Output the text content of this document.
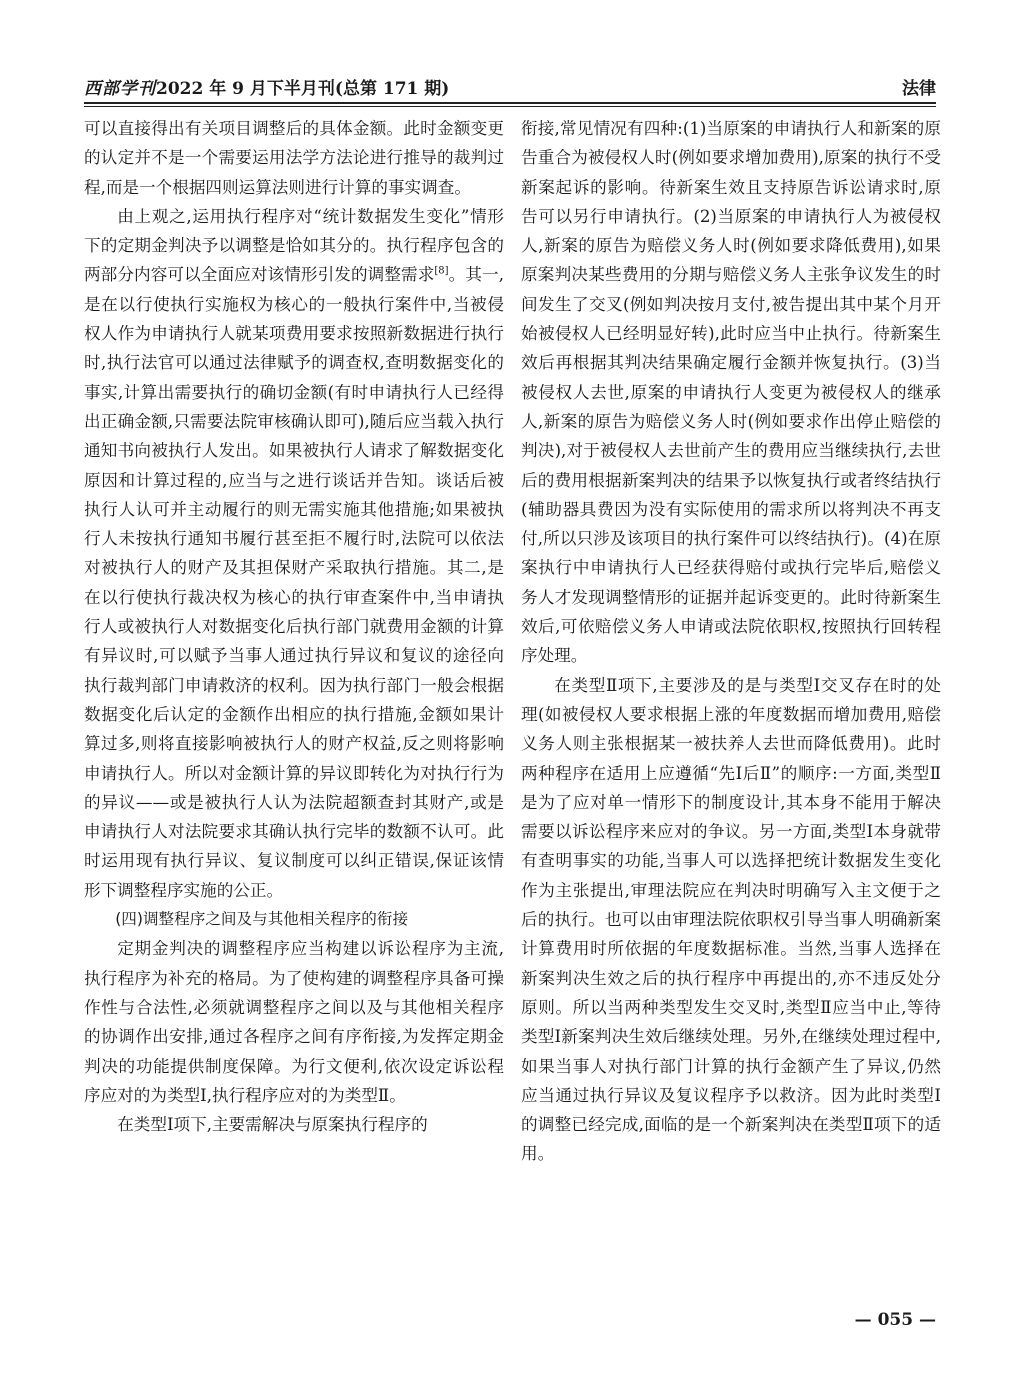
西部学刊2022 年 9 月下半月刊(总第 171 期)	法律

可以直接得出有关项目调整后的具体金额。此时金额变更的认定并不是一个需要运用法学方法论进行推导的裁判过程,而是一个根据四则运算法则进行计算的事实调查。

由上观之,运用执行程序对“统计数据发生变化”情形下的定期金判决予以调整是恰如其分的。执行程序包含的两部分内容可以全面应对该情形引发的调整需求[8]。其一,是在以行使执行实施权为核心的一般执行案件中,当被侵权人作为申请执行人就某项费用要求按照新数据进行执行时,执行法官可以通过法律赋予的调查权,查明数据变化的事实,计算出需要执行的确切金额(有时申请执行人已经得出正确金额,只需要法院审核确认即可),随后应当载入执行通知书向被执行人发出。如果被执行人请求了解数据变化原因和计算过程的,应当与之进行谈话并告知。谈话后被执行人认可并主动履行的则无需实施其他措施;如果被执行人未按执行通知书履行甚至拒不履行时,法院可以依法对被执行人的财产及其担保财产采取执行措施。其二,是在以行使执行裁决权为核心的执行审查案件中,当申请执行人或被执行人对数据变化后执行部门就费用金额的计算有异议时,可以赋予当事人通过执行异议和复议的途径向执行裁判部门申请救济的权利。因为执行部门一般会根据数据变化后认定的金额作出相应的执行措施,金额如果计算过多,则将直接影响被执行人的财产权益,反之则将影响申请执行人。所以对金额计算的异议即转化为对执行行为的异议——或是被执行人认为法院超额查封其财产,或是申请执行人对法院要求其确认执行完毕的数额不认可。此时运用现有执行异议、复议制度可以纠正错误,保证该情形下调整程序实施的公正。

(四)调整程序之间及与其他相关程序的衔接

定期金判决的调整程序应当构建以诉讼程序为主流,执行程序为补充的格局。为了使构建的调整程序具备可操作性与合法性,必须就调整程序之间以及与其他相关程序的协调作出安排,通过各程序之间有序衔接,为发挥定期金判决的功能提供制度保障。为行文便利,依次设定诉讼程序应对的为类型Ⅰ,执行程序应对的为类型Ⅱ。

在类型Ⅰ项下,主要需解决与原案执行程序的

衔接,常见情况有四种:(1)当原案的申请执行人和新案的原告重合为被侵权人时(例如要求增加费用),原案的执行不受新案起诉的影响。待新案生效且支持原告诉讼请求时,原告可以另行申请执行。(2)当原案的申请执行人为被侵权人,新案的原告为赔偿义务人时(例如要求降低费用),如果原案判决某些费用的分期与赔偿义务人主张争议发生的时间发生了交叉(例如判决按月支付,被告提出其中某个月开始被侵权人已经明显好转),此时应当中止执行。待新案生效后再根据其判决结果确定履行金额并恢复执行。(3)当被侵权人去世,原案的申请执行人变更为被侵权人的继承人,新案的原告为赔偿义务人时(例如要求作出停止赔偿的判决),对于被侵权人去世前产生的费用应当继续执行,去世后的费用根据新案判决的结果予以恢复执行或者终结执行(辅助器具费因为没有实际使用的需求所以将判决不再支付,所以只涉及该项目的执行案件可以终结执行)。(4)在原案执行中申请执行人已经获得赔付或执行完毕后,赔偿义务人才发现调整情形的证据并起诉变更的。此时待新案生效后,可依赔偿义务人申请或法院依职权,按照执行回转程序处理。

在类型Ⅱ项下,主要涉及的是与类型Ⅰ交叉存在时的处理(如被侵权人要求根据上涨的年度数据而增加费用,赔偿义务人则主张根据某一被扶养人去世而降低费用)。此时两种程序在适用上应遵循“先Ⅰ后Ⅱ”的顺序:一方面,类型Ⅱ是为了应对单一情形下的制度设计,其本身不能用于解决需要以诉讼程序来应对的争议。另一方面,类型Ⅰ本身就带有查明事实的功能,当事人可以选择把统计数据发生变化作为主张提出,审理法院应在判决时明确写入主文便于之后的执行。也可以由审理法院依职权引导当事人明确新案计算费用时所依据的年度数据标准。当然,当事人选择在新案判决生效之后的执行程序中再提出的,亦不违反处分原则。所以当两种类型发生交叉时,类型Ⅱ应当中止,等待类型Ⅰ新案判决生效后继续处理。另外,在继续处理过程中,如果当事人对执行部门计算的执行金额产生了异议,仍然应当通过执行异议及复议程序予以救济。因为此时类型Ⅰ的调整已经完成,面临的是一个新案判决在类型Ⅱ项下的适用。

— 055 —
